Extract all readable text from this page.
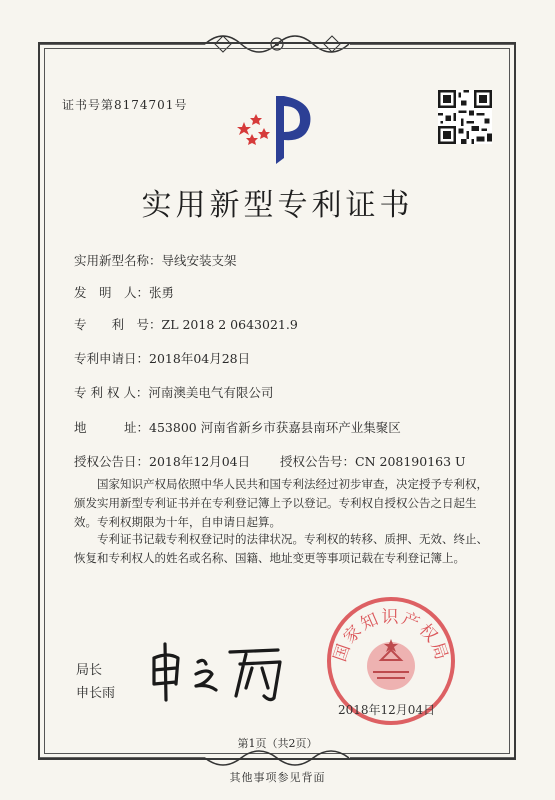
证书号第8174701号
实用新型专利证书
实用新型名称：导线安装支架
发　明　人：张勇
专　　利　号：ZL 2018 2 0643021.9
专利申请日：2018年04月28日
专 利 权 人：河南澳美电气有限公司
地　　　址：453800 河南省新乡市获嘉县南环产业集聚区
授权公告日：2018年12月04日 授权公告号：CN 208190163 U
国家知识产权局依照中华人民共和国专利法经过初步审查，决定授予专利权，颁发实用新型专利证书并在专利登记簿上予以登记。专利权自授权公告之日起生效。专利权期限为十年，自申请日起算。
专利证书记载专利权登记时的法律状况。专利权的转移、质押、无效、终止、恢复和专利权人的姓名或名称、国籍、地址变更等事项记载在专利登记簿上。
局长
申长雨
国家知识产权局
2018年12月04日
第1页（共2页）
其他事项参见背面
